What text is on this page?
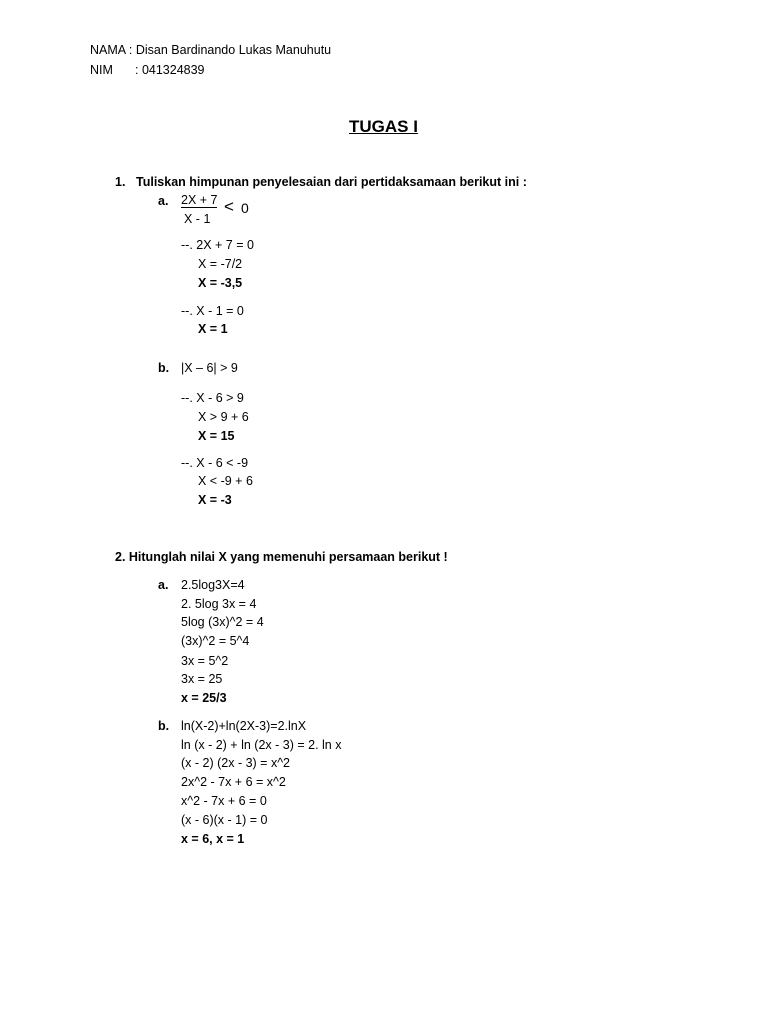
NAMA : Disan Bardinando Lukas Manuhutu
NIM : 041324839
TUGAS I
1. Tuliskan himpunan penyelesaian dari pertidaksamaan berikut ini :
a. 2X + 7
X - 1
< 0
--. 2X + 7 = 0
X = -7/2
X = -3,5
--. X - 1 = 0
X = 1
b. |X – 6| > 9
--. X - 6 > 9
X > 9 + 6
X = 15
--. X - 6 < -9
X < -9 + 6
X = -3
2. Hitunglah nilai X yang memenuhi persamaan berikut !
a. 2.5log3X=4
2. 5log 3x = 4
5log (3x)^2 = 4
(3x)^2 = 5^4
3x = 5^2
3x = 25
x = 25/3
b. ln(X-2)+ln(2X-3)=2.lnX
ln (x - 2) + ln (2x - 3) = 2. ln x
(x - 2) (2x - 3) = x^2
2x^2 - 7x + 6 = x^2
x^2 - 7x + 6 = 0
(x - 6)(x - 1) = 0
x = 6, x = 1
